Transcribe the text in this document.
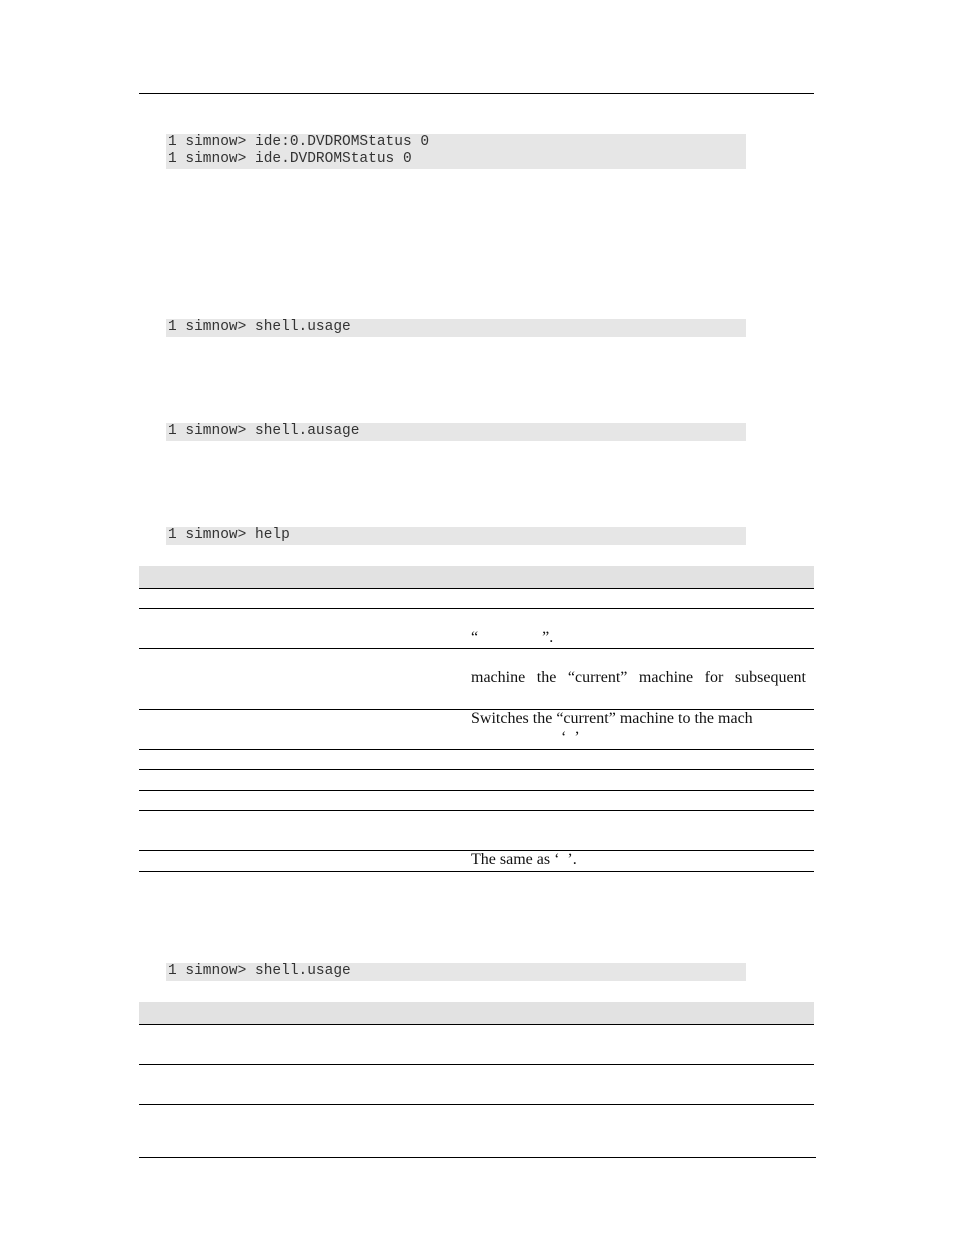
1 simnow> ide:0.DVDROMStatus 0
1 simnow> ide.DVDROMStatus 0
1 simnow> shell.usage
1 simnow> shell.ausage
1 simnow> help
“                ”.
machine  the  “current”  machine  for  subsequent
Switches the “current” machine to the mach
‘  ’
The same as ‘  ’.
1 simnow> shell.usage
